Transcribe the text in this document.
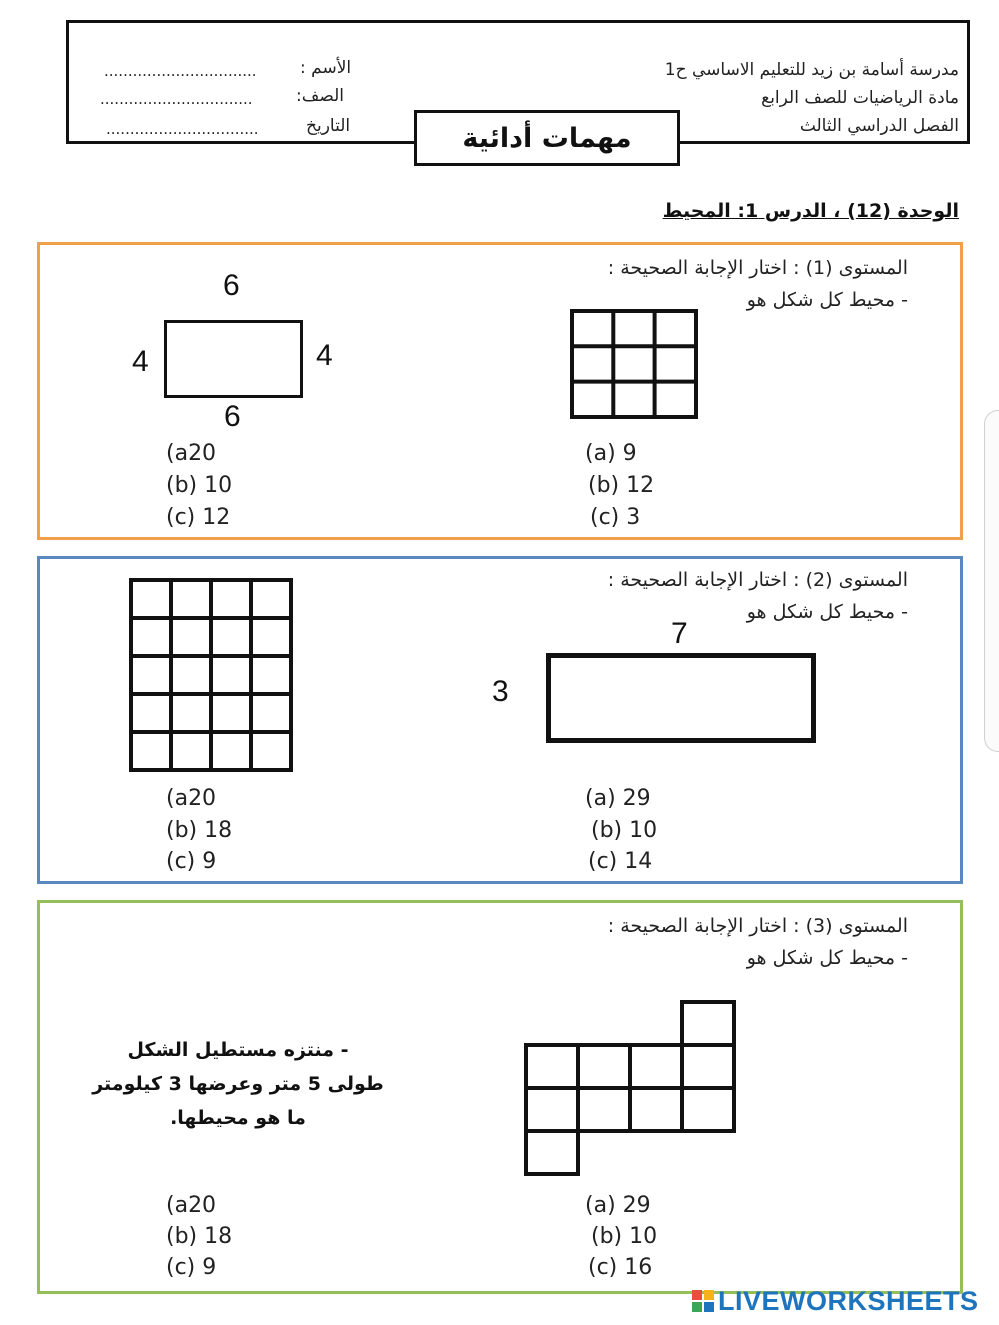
مدرسة أسامة بن زيد للتعليم الاساسي ح1
مادة الرياضيات للصف الرابع
الفصل الدراسي الثالث
الأسم :
................................
الصف:
................................
التاريخ
................................	مهمات أدائية
الوحدة (12) ، الدرس 1: المحيط
المستوى (1) : اختار الإجابة الصحيحة :
- محيط كل شكل هو
6
4	4
6
(a20
(b) 10
(c) 12
(a) 9
(b) 12
(c) 3
المستوى (2) : اختار الإجابة الصحيحة :
- محيط كل شكل هو
7
3
(a20
(b) 18
(c) 9
(a) 29
(b) 10
(c) 14
المستوى (3) : اختار الإجابة الصحيحة :
- محيط كل شكل هو
- منتزه مستطيل الشكل
طولى 5 متر وعرضها 3 كيلومتر
ما هو محيطها.
(a20
(b) 18
(c) 9
(a) 29
(b) 10
(c) 16
LIVEWORKSHEETS
